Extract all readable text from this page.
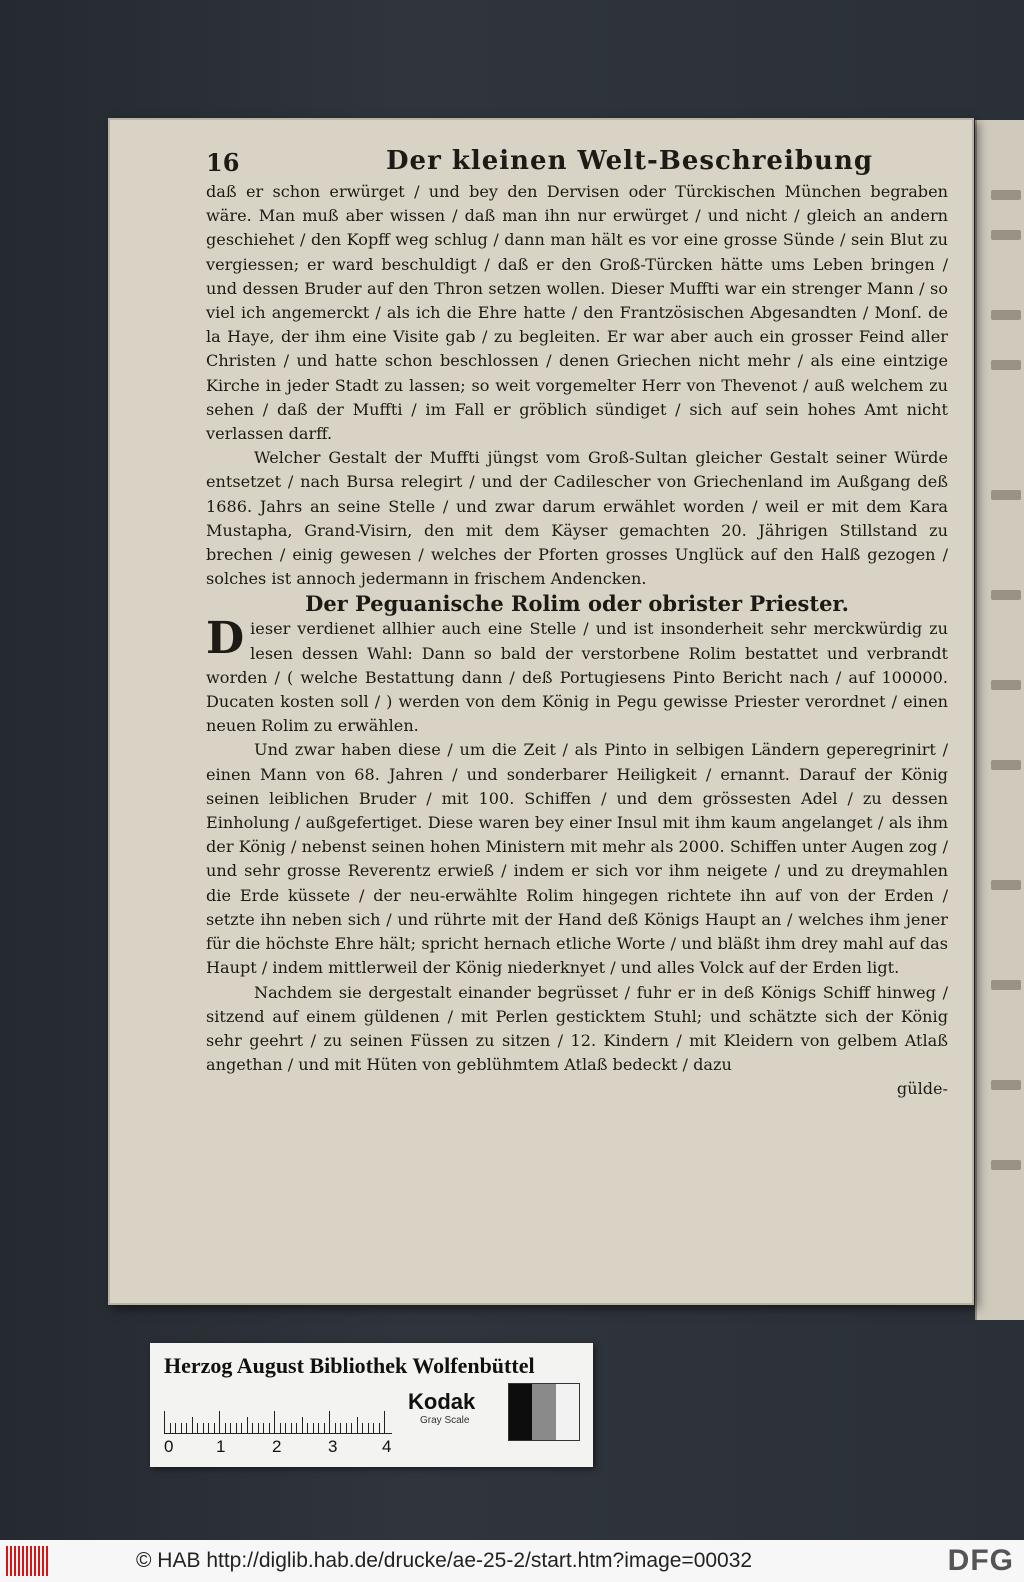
16	Der kleinen Welt-Beschreibung

daß er schon erwürget / und bey den Dervisen oder Türckischen München begraben wäre. Man muß aber wissen / daß man ihn nur erwürget / und nicht / gleich an andern geschiehet / den Kopff weg schlug / dann man hält es vor eine grosse Sünde / sein Blut zu vergiessen; er ward beschuldigt / daß er den Groß-Türcken hätte ums Leben bringen / und dessen Bruder auf den Thron setzen wollen. Dieser Muffti war ein strenger Mann / so viel ich angemerckt / als ich die Ehre hatte / den Frantzösischen Abgesandten / Monſ. de la Haye, der ihm eine Visite gab / zu begleiten. Er war aber auch ein grosser Feind aller Christen / und hatte schon beschlossen / denen Griechen nicht mehr / als eine eintzige Kirche in jeder Stadt zu lassen; so weit vorgemelter Herr von Thevenot / auß welchem zu sehen / daß der Muffti / im Fall er gröblich sündiget / sich auf sein hohes Amt nicht verlassen darff.

Welcher Gestalt der Muffti jüngst vom Groß-Sultan gleicher Gestalt seiner Würde entsetzet / nach Bursa relegirt / und der Cadilescher von Griechenland im Außgang deß 1686. Jahrs an seine Stelle / und zwar darum erwählet worden / weil er mit dem Kara Mustapha, Grand-Visirn, den mit dem Käyser gemachten 20. Jährigen Stillstand zu brechen / einig gewesen / welches der Pforten grosses Unglück auf den Halß gezogen / solches ist annoch jedermann in frischem Andencken.

Der Peguanische Rolim oder obrister Priester.

Dieser verdienet allhier auch eine Stelle / und ist insonderheit sehr merckwürdig zu lesen dessen Wahl: Dann so bald der verstorbene Rolim bestattet und verbrandt worden / ( welche Bestattung dann / deß Portugiesens Pinto Bericht nach / auf 100000. Ducaten kosten soll / ) werden von dem König in Pegu gewisse Priester verordnet / einen neuen Rolim zu erwählen.

Und zwar haben diese / um die Zeit / als Pinto in selbigen Ländern geperegrinirt / einen Mann von 68. Jahren / und sonderbarer Heiligkeit / ernannt. Darauf der König seinen leiblichen Bruder / mit 100. Schiffen / und dem grössesten Adel / zu dessen Einholung / außgefertiget. Diese waren bey einer Insul mit ihm kaum angelanget / als ihm der König / nebenst seinen hohen Ministern mit mehr als 2000. Schiffen unter Augen zog / und sehr grosse Reverentz erwieß / indem er sich vor ihm neigete / und zu dreymahlen die Erde küssete / der neu-erwählte Rolim hingegen richtete ihn auf von der Erden / setzte ihn neben sich / und rührte mit der Hand deß Königs Haupt an / welches ihm jener für die höchste Ehre hält; spricht hernach etliche Worte / und bläßt ihm drey mahl auf das Haupt / indem mittlerweil der König niederknyet / und alles Volck auf der Erden ligt.

Nachdem sie dergestalt einander begrüsset / fuhr er in deß Königs Schiff hinweg / sitzend auf einem güldenen / mit Perlen gesticktem Stuhl; und schätzte sich der König sehr geehrt / zu seinen Füssen zu sitzen / 12. Kindern / mit Kleidern von gelbem Atlaß angethan / und mit Hüten von geblühmtem Atlaß bedeckt / dazu

gülde-

Herzog August Bibliothek Wolfenbüttel
0	1	2	3	4
Kodak
Gray Scale
© HAB http://diglib.hab.de/drucke/ae-25-2/start.htm?image=00032	DFG
